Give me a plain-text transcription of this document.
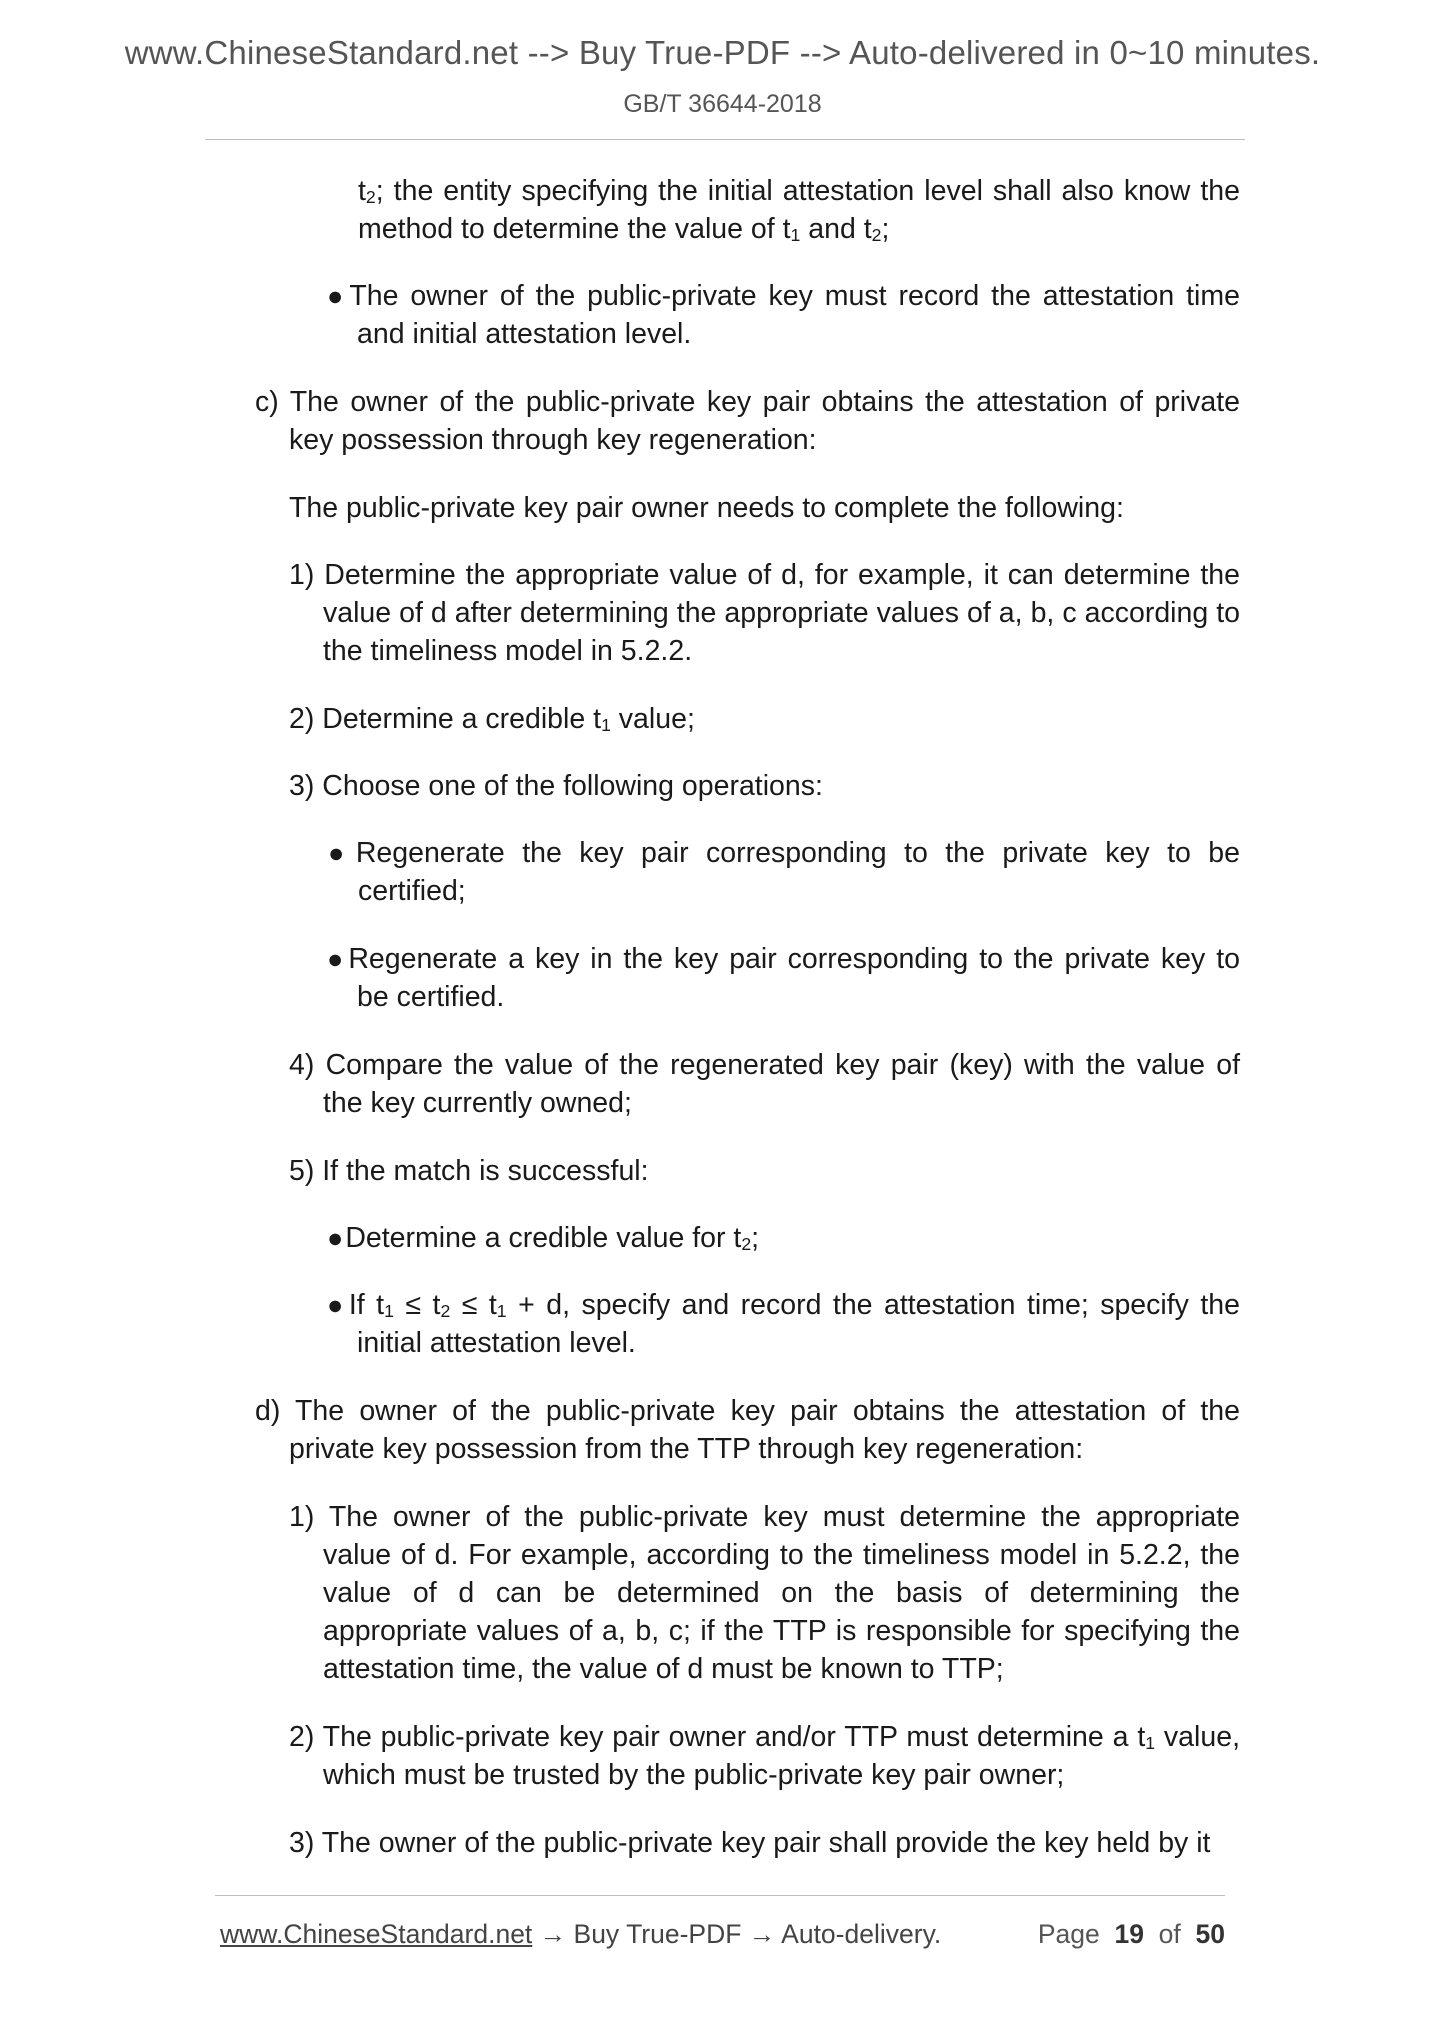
www.ChineseStandard.net --> Buy True-PDF --> Auto-delivered in 0~10 minutes.
GB/T 36644-2018
$t_2$; the entity specifying the initial attestation level shall also know the method to determine the value of $t_1$ and $t_2$;
●The owner of the public-private key must record the attestation time and initial attestation level.
c) The owner of the public-private key pair obtains the attestation of private key possession through key regeneration:
The public-private key pair owner needs to complete the following:
1) Determine the appropriate value of d, for example, it can determine the value of d after determining the appropriate values of a, b, c according to the timeliness model in 5.2.2.
2) Determine a credible $t_1$ value;
3) Choose one of the following operations:
●Regenerate the key pair corresponding to the private key to be certified;
●Regenerate a key in the key pair corresponding to the private key to be certified.
4) Compare the value of the regenerated key pair (key) with the value of the key currently owned;
5) If the match is successful:
●Determine a credible value for $t_2$;
●If $t_1 \le t_2 \le t_1 + d$, specify and record the attestation time; specify the initial attestation level.
d) The owner of the public-private key pair obtains the attestation of the private key possession from the TTP through key regeneration:
1) The owner of the public-private key must determine the appropriate value of d. For example, according to the timeliness model in 5.2.2, the value of d can be determined on the basis of determining the appropriate values of a, b, c; if the TTP is responsible for specifying the attestation time, the value of d must be known to TTP;
2) The public-private key pair owner and/or TTP must determine a $t_1$ value, which must be trusted by the public-private key pair owner;
3) The owner of the public-private key pair shall provide the key held by it
www.ChineseStandard.net → Buy True-PDF → Auto-delivery.	Page 19 of 50
